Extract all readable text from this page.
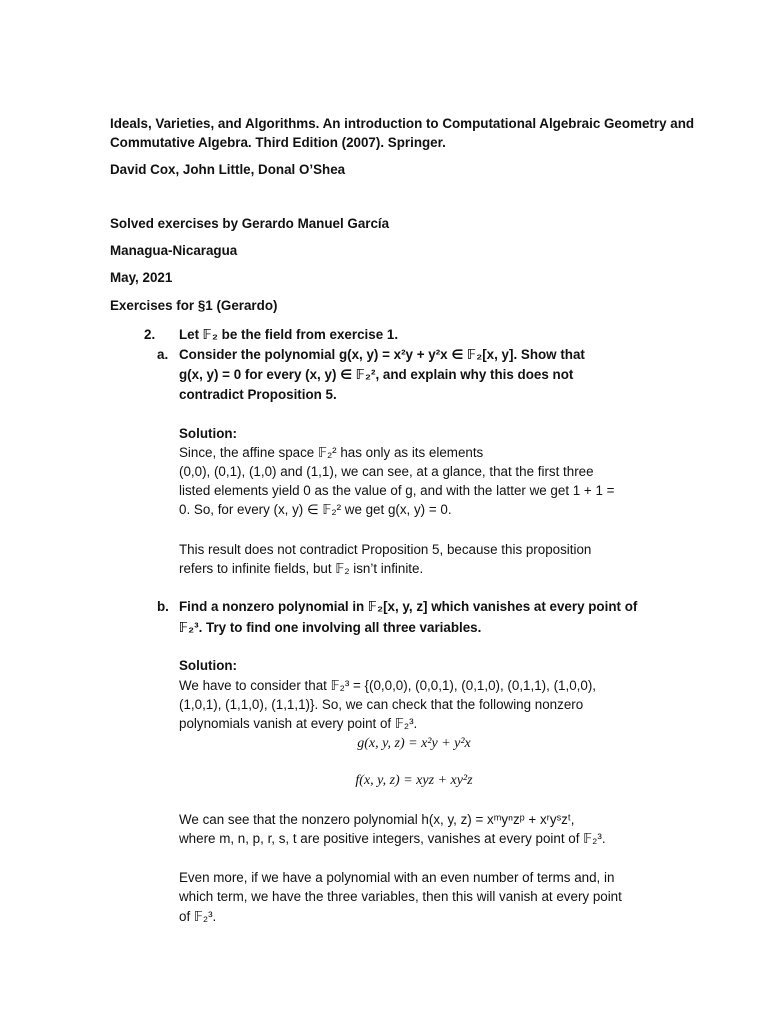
Ideals, Varieties, and Algorithms. An introduction to Computational Algebraic Geometry and
Commutative Algebra. Third Edition (2007). Springer.
David Cox, John Little, Donal O’Shea
Solved exercises by Gerardo Manuel García
Managua-Nicaragua
May, 2021
Exercises for §1 (Gerardo)
2. Let 𝔽₂ be the field from exercise 1.
a. Consider the polynomial g(x, y) = x²y + y²x ∈ 𝔽₂[x, y]. Show that
g(x, y) = 0 for every (x, y) ∈ 𝔽₂², and explain why this does not
contradict Proposition 5.
Solution:
Since, the affine space 𝔽₂² has only as its elements
(0,0), (0,1), (1,0) and (1,1), we can see, at a glance, that the first three
listed elements yield 0 as the value of g, and with the latter we get 1 + 1 =
0. So, for every (x, y) ∈ 𝔽₂² we get g(x, y) = 0.
This result does not contradict Proposition 5, because this proposition
refers to infinite fields, but 𝔽₂ isn’t infinite.
b. Find a nonzero polynomial in 𝔽₂[x, y, z] which vanishes at every point of
𝔽₂³. Try to find one involving all three variables.
Solution:
We have to consider that 𝔽₂³ = {(0,0,0), (0,0,1), (0,1,0), (0,1,1), (1,0,0),
(1,0,1), (1,1,0), (1,1,1)}. So, we can check that the following nonzero
polynomials vanish at every point of 𝔽₂³.
g(x, y, z) = x²y + y²x
f(x, y, z) = xyz + xy²z
We can see that the nonzero polynomial h(x, y, z) = xᵐyⁿzᵖ + xʳyˢzᵗ,
where m, n, p, r, s, t are positive integers, vanishes at every point of 𝔽₂³.
Even more, if we have a polynomial with an even number of terms and, in
which term, we have the three variables, then this will vanish at every point
of 𝔽₂³.
